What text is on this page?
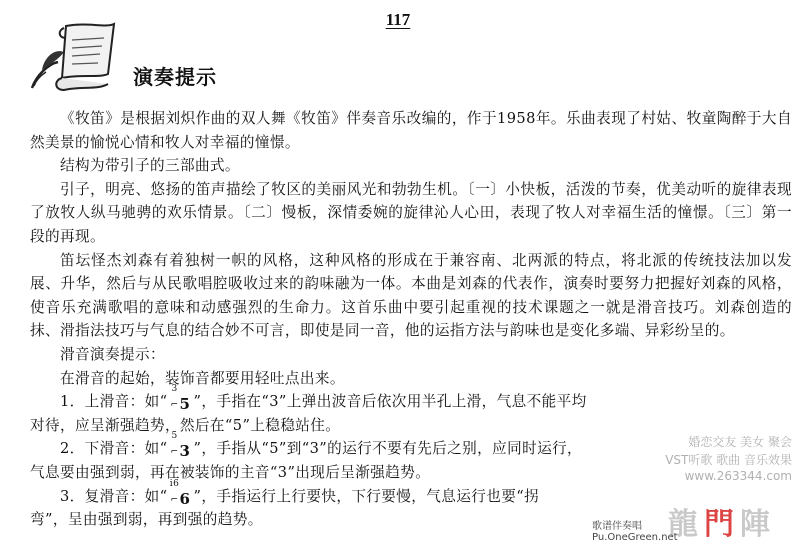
117
演奏提示

《牧笛》是根据刘炽作曲的双人舞《牧笛》伴奏音乐改编的，作于1958年。乐曲表现了村姑、牧童陶醉于大自然美景的愉悦心情和牧人对幸福的憧憬。

结构为带引子的三部曲式。

引子，明亮、悠扬的笛声描绘了牧区的美丽风光和勃勃生机。〔一〕小快板，活泼的节奏，优美动听的旋律表现了放牧人纵马驰骋的欢乐情景。〔二〕慢板，深情委婉的旋律沁人心田，表现了牧人对幸福生活的憧憬。〔三〕第一段的再现。

笛坛怪杰刘森有着独树一帜的风格，这种风格的形成在于兼容南、北两派的特点，将北派的传统技法加以发展、升华，然后与从民歌唱腔吸收过来的韵味融为一体。本曲是刘森的代表作，演奏时要努力把握好刘森的风格，使音乐充满歌唱的意味和动感强烈的生命力。这首乐曲中要引起重视的技术课题之一就是滑音技巧。刘森创造的抹、滑指法技巧与气息的结合妙不可言，即使是同一音，他的运指方法与韵味也是变化多端、异彩纷呈的。

滑音演奏提示：

在滑音的起始，装饰音都要用轻吐点出来。

1．上滑音：如“
3
⌐ 5 ”，手指在“3”上弹出波音后依次用半孔上滑，气息不能平均

对待，应呈渐强趋势，然后在“5”上稳稳站住。

2．下滑音：如“
5
⌐ 3 ”，手指从“5”到“3”的运行不要有先后之别，应同时运行，

气息要由强到弱，再在被装饰的主音“3”出现后呈渐强趋势。

3．复滑音：如“
i6
⌐ 6 ”，手指运行上行要快，下行要慢，气息运行也要“拐

弯”，呈由强到弱，再到强的趋势。

婚恋交友 美女 聚会
VST听歌 歌曲 音乐效果
www.263344.com
龍門陣
歌谱伴奏唱 Pu.OneGreen.net
